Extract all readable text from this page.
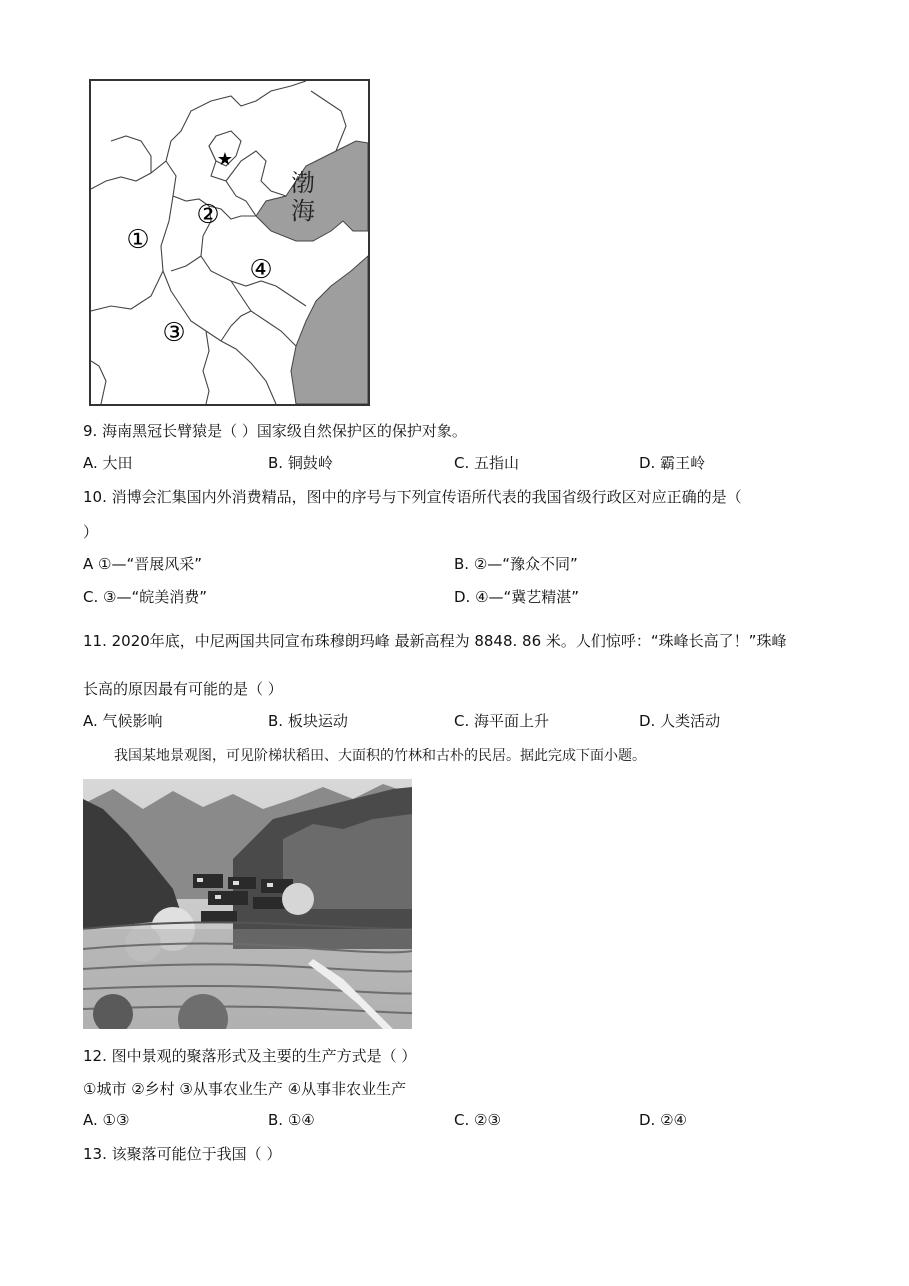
★
渤
海
①
②
③
④
9. 海南黑冠长臂猿是（ ）国家级自然保护区的保护对象。
A. 大田	B. 铜鼓岭	C. 五指山	D. 霸王岭
10. 消博会汇集国内外消费精品，图中的序号与下列宣传语所代表的我国省级行政区对应正确的是（
）
A ①—“晋展风采”	B. ②—“豫众不同”
C. ③—“皖美消费”	D. ④—“冀艺精湛”
11. 2020年底，中尼两国共同宣布珠穆朗玛峰 最新高程为 8848. 86 米。人们惊呼：“珠峰长高了！”珠峰
长高的原因最有可能的是（ ）
A. 气候影响	B. 板块运动	C. 海平面上升	D. 人类活动
我国某地景观图，可见阶梯状稻田、大面积的竹林和古朴的民居。据此完成下面小题。
12. 图中景观的聚落形式及主要的生产方式是（ ）
①城市 ②乡村 ③从事农业生产 ④从事非农业生产
A. ①③	B. ①④	C. ②③	D. ②④
13. 该聚落可能位于我国（ ）
